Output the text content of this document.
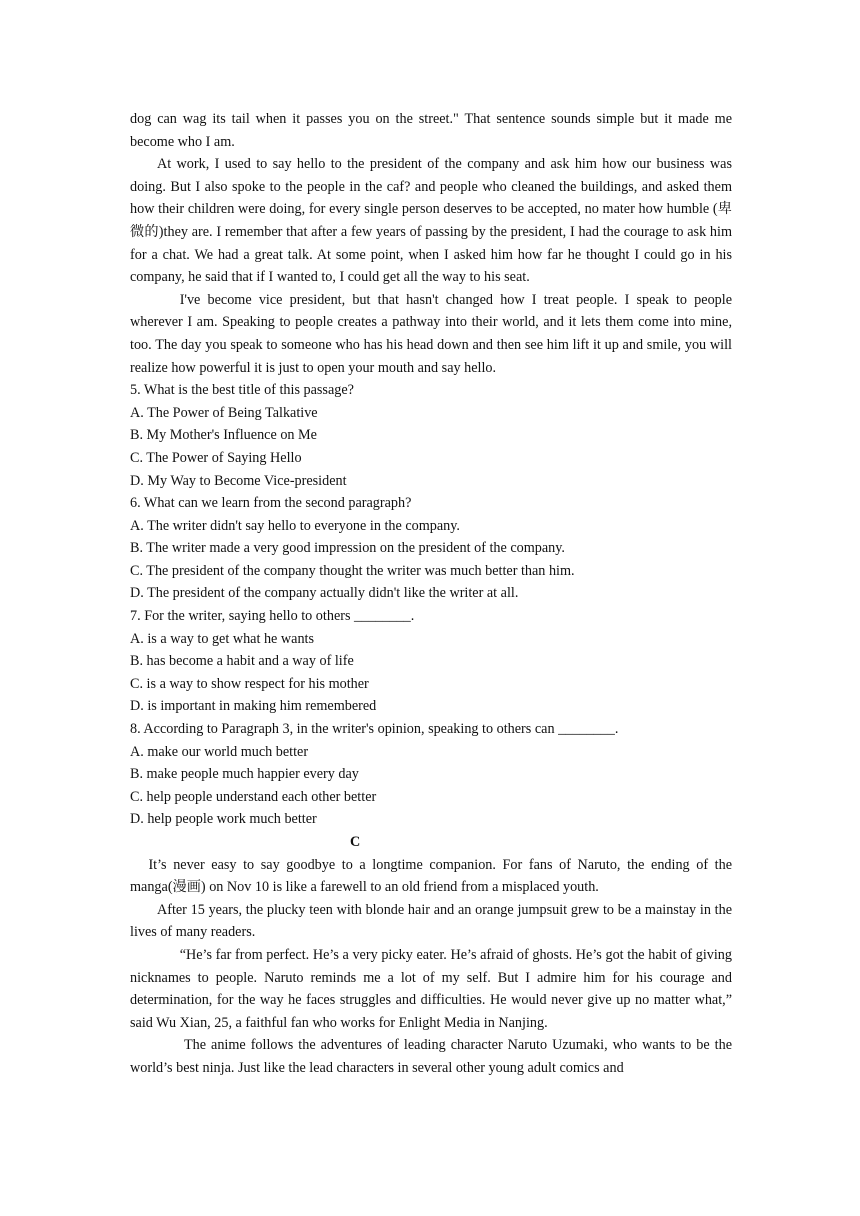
dog can wag its tail when it passes you on the street." That sentence sounds simple but it made me become who I am.

At work, I used to say hello to the president of the company and ask him how our business was doing. But I also spoke to the people in the caf? and people who cleaned the buildings, and asked them how their children were doing, for every single person deserves to be accepted, no mater how humble (卑微的)they are. I remember that after a few years of passing by the president, I had the courage to ask him for a chat. We had a great talk. At some point, when I asked him how far he thought I could go in his company, he said that if I wanted to, I could get all the way to his seat.

I've become vice president, but that hasn't changed how I treat people. I speak to people wherever I am. Speaking to people creates a pathway into their world, and it lets them come into mine, too. The day you speak to someone who has his head down and then see him lift it up and smile, you will realize how powerful it is just to open your mouth and say hello.

5. What is the best title of this passage?

A. The Power of Being Talkative

B. My Mother's Influence on Me

C. The Power of Saying Hello

D. My Way to Become Vice-president

6. What can we learn from the second paragraph?

A. The writer didn't say hello to everyone in the company.

B. The writer made a very good impression on the president of the company.

C. The president of the company thought the writer was much better than him.

D. The president of the company actually didn't like the writer at all.

7. For the writer, saying hello to others ________.

A. is a way to get what he wants

B. has become a habit and a way of life

C. is a way to show respect for his mother

D. is important in making him remembered

8. According to Paragraph 3, in the writer's opinion, speaking to others can ________.

A. make our world much better

B. make people much happier every day

C. help people understand each other better

D. help people work much better

C

It’s never easy to say goodbye to a longtime companion. For fans of Naruto, the ending of the manga(漫画) on Nov 10 is like a farewell to an old friend from a misplaced youth.

After 15 years, the plucky teen with blonde hair and an orange jumpsuit grew to be a mainstay in the lives of many readers.

“He’s far from perfect. He’s a very picky eater. He’s afraid of ghosts. He’s got the habit of giving nicknames to people. Naruto reminds me a lot of my self. But I admire him for his courage and determination, for the way he faces struggles and difficulties. He would never give up no matter what,” said Wu Xian, 25, a faithful fan who works for Enlight Media in Nanjing.

The anime follows the adventures of leading character Naruto Uzumaki, who wants to be the world’s best ninja. Just like the lead characters in several other young adult comics and
